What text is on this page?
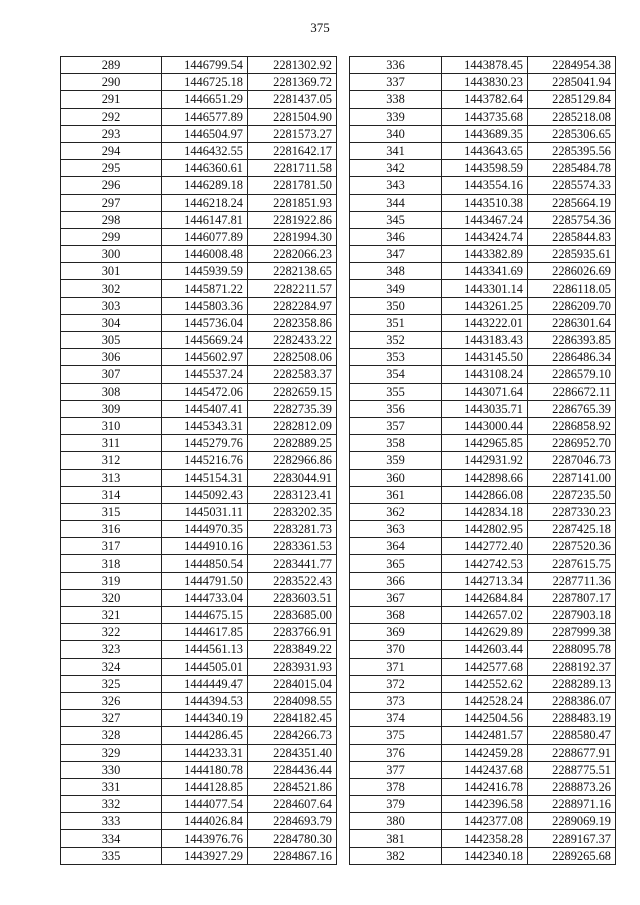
375
289	1446799.54	2281302.92
290	1446725.18	2281369.72
291	1446651.29	2281437.05
292	1446577.89	2281504.90
293	1446504.97	2281573.27
294	1446432.55	2281642.17
295	1446360.61	2281711.58
296	1446289.18	2281781.50
297	1446218.24	2281851.93
298	1446147.81	2281922.86
299	1446077.89	2281994.30
300	1446008.48	2282066.23
301	1445939.59	2282138.65
302	1445871.22	2282211.57
303	1445803.36	2282284.97
304	1445736.04	2282358.86
305	1445669.24	2282433.22
306	1445602.97	2282508.06
307	1445537.24	2282583.37
308	1445472.06	2282659.15
309	1445407.41	2282735.39
310	1445343.31	2282812.09
311	1445279.76	2282889.25
312	1445216.76	2282966.86
313	1445154.31	2283044.91
314	1445092.43	2283123.41
315	1445031.11	2283202.35
316	1444970.35	2283281.73
317	1444910.16	2283361.53
318	1444850.54	2283441.77
319	1444791.50	2283522.43
320	1444733.04	2283603.51
321	1444675.15	2283685.00
322	1444617.85	2283766.91
323	1444561.13	2283849.22
324	1444505.01	2283931.93
325	1444449.47	2284015.04
326	1444394.53	2284098.55
327	1444340.19	2284182.45
328	1444286.45	2284266.73
329	1444233.31	2284351.40
330	1444180.78	2284436.44
331	1444128.85	2284521.86
332	1444077.54	2284607.64
333	1444026.84	2284693.79
334	1443976.76	2284780.30
335	1443927.29	2284867.16
336	1443878.45	2284954.38
337	1443830.23	2285041.94
338	1443782.64	2285129.84
339	1443735.68	2285218.08
340	1443689.35	2285306.65
341	1443643.65	2285395.56
342	1443598.59	2285484.78
343	1443554.16	2285574.33
344	1443510.38	2285664.19
345	1443467.24	2285754.36
346	1443424.74	2285844.83
347	1443382.89	2285935.61
348	1443341.69	2286026.69
349	1443301.14	2286118.05
350	1443261.25	2286209.70
351	1443222.01	2286301.64
352	1443183.43	2286393.85
353	1443145.50	2286486.34
354	1443108.24	2286579.10
355	1443071.64	2286672.11
356	1443035.71	2286765.39
357	1443000.44	2286858.92
358	1442965.85	2286952.70
359	1442931.92	2287046.73
360	1442898.66	2287141.00
361	1442866.08	2287235.50
362	1442834.18	2287330.23
363	1442802.95	2287425.18
364	1442772.40	2287520.36
365	1442742.53	2287615.75
366	1442713.34	2287711.36
367	1442684.84	2287807.17
368	1442657.02	2287903.18
369	1442629.89	2287999.38
370	1442603.44	2288095.78
371	1442577.68	2288192.37
372	1442552.62	2288289.13
373	1442528.24	2288386.07
374	1442504.56	2288483.19
375	1442481.57	2288580.47
376	1442459.28	2288677.91
377	1442437.68	2288775.51
378	1442416.78	2288873.26
379	1442396.58	2288971.16
380	1442377.08	2289069.19
381	1442358.28	2289167.37
382	1442340.18	2289265.68
